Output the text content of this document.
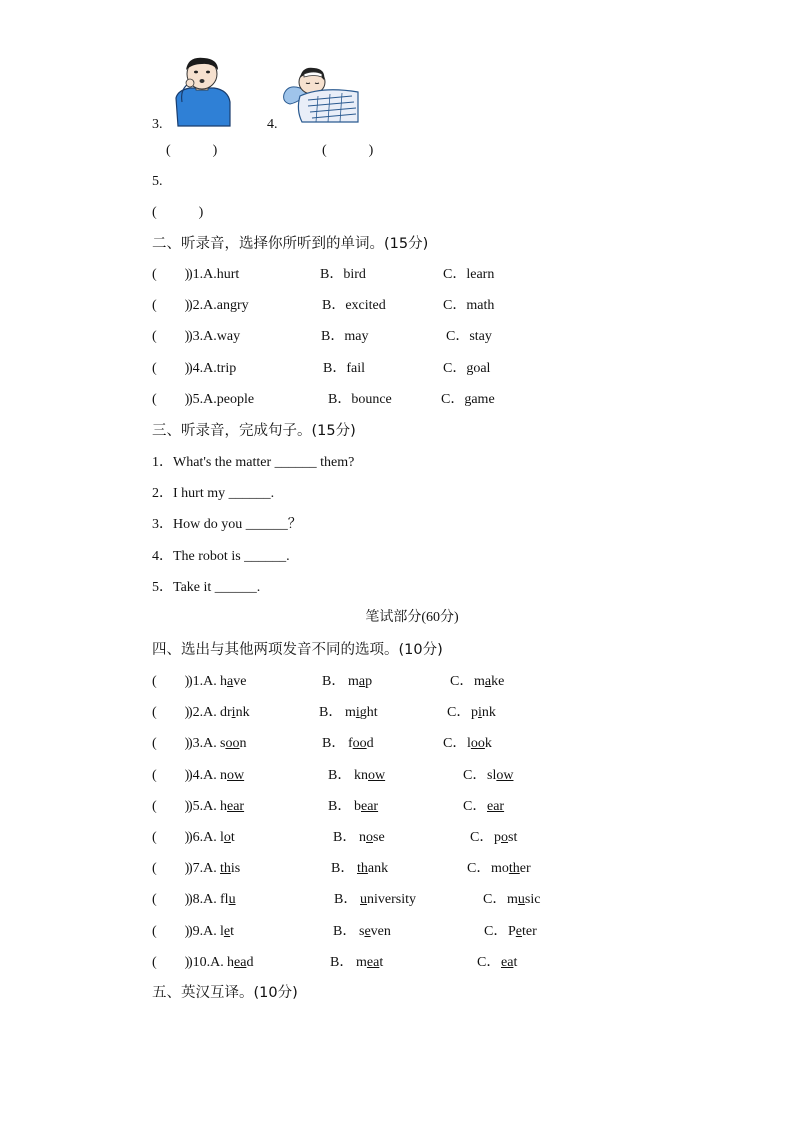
3.	4.
(　　　)	(　　　)
5.
(　　　)
二、听录音，选择你所听到的单词。(15分)
(　　)
)1.A.hurt	B．bird	C．learn
(　　)
)2.A.angry	B．excited	C．math
(　　)
)3.A.way	B．may	C．stay
(　　)
)4.A.trip	B．fail	C．goal
(　　)
)5.A.people	B．bounce	C．game
三、听录音，完成句子。(15分)
1．What's the matter ______ them?
2．I hurt my ______.
3．How do you ______？
4．The robot is ______.
5．Take it ______.
笔试部分(60分)
四、选出与其他两项发音不同的选项。(10分)
(　　)
)1.A. have	B． map	C． make
(　　)
)2.A. drink	B． might	C． pink
(　　)
)3.A. soon	B． food	C． look
(　　)
)4.A. now	B． know	C． slow
(　　)
)5.A. hear	B． bear	C． ear
(　　)
)6.A. lot	B． nose	C． post
(　　)
)7.A. this	B． thank	C． mother
(　　)
)8.A. flu	B． university	C． music
(　　)
)9.A. let	B． seven	C． Peter
(　　)
)10.A. head	B． meat	C． eat
五、英汉互译。(10分)
